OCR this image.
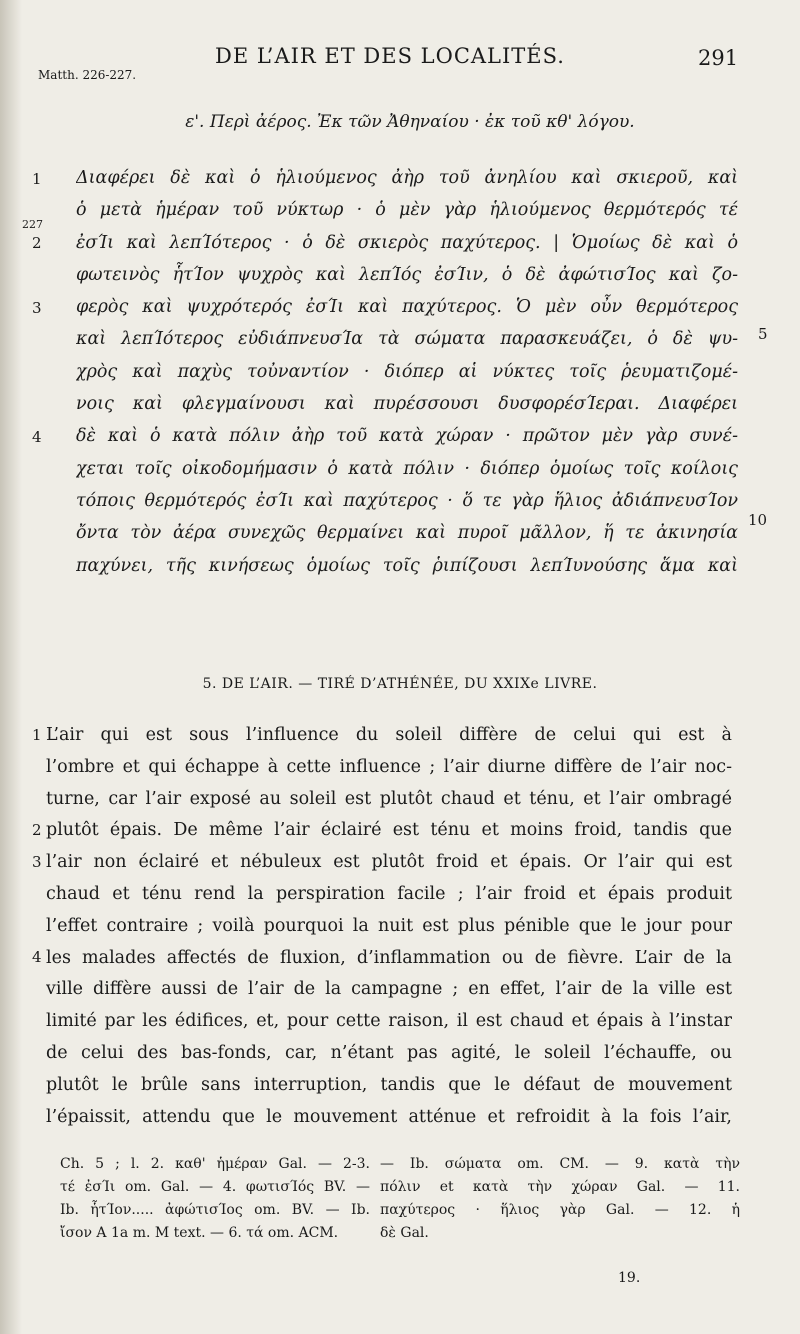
DE L’AIR ET DES LOCALITÉS.	291
Matth. 226-227.
ε'. Περὶ ἀέρος. Ἐκ τῶν Ἀθηναίου · ἐκ τοῦ κθ' λόγου.
1
227
2
3
4
5
10
Διαφέρει δὲ καὶ ὁ ἡλιούμενος ἀὴρ τοῦ ἀνηλίου καὶ σκιεροῦ, καὶ
ὁ μετὰ ἡμέραν τοῦ νύκτωρ · ὁ μὲν γὰρ ἡλιούμενος θερμότερός τέ
ἐσΊι καὶ λεπΊότερος · ὁ δὲ σκιερὸς παχύτερος. | Ὁμοίως δὲ καὶ ὁ
φωτεινὸς ἧτΊον ψυχρὸς καὶ λεπΊός ἐσΊιν, ὁ δὲ ἀφώτισΊος καὶ ζο-
φερὸς καὶ ψυχρότερός ἐσΊι καὶ παχύτερος. Ὁ μὲν οὖν θερμότερος
καὶ λεπΊότερος εὐδιάπνευσΊα τὰ σώματα παρασκευάζει, ὁ δὲ ψυ-
χρὸς καὶ παχὺς τοὐναντίον · διόπερ αἱ νύκτες τοῖς ῥευματιζομέ-
νοις καὶ φλεγμαίνουσι καὶ πυρέσσουσι δυσφορέσΊεραι. Διαφέρει
δὲ καὶ ὁ κατὰ πόλιν ἀὴρ τοῦ κατὰ χώραν · πρῶτον μὲν γὰρ συνέ-
χεται τοῖς οἰκοδομήμασιν ὁ κατὰ πόλιν · διόπερ ὁμοίως τοῖς κοίλοις
τόποις θερμότερός ἐσΊι καὶ παχύτερος · ὅ τε γὰρ ἥλιος ἀδιάπνευσΊον
ὄντα τὸν ἀέρα συνεχῶς θερμαίνει καὶ πυροῖ μᾶλλον, ἥ τε ἀκινησία
παχύνει, τῆς κινήσεως ὁμοίως τοῖς ῥιπίζουσι λεπΊυνούσης ἅμα καὶ
5. DE L’AIR. — TIRÉ D’ATHÉNÉE, DU XXIXe LIVRE.
1
2
3
4
L’air qui est sous l’influence du soleil diffère de celui qui est à
l’ombre et qui échappe à cette influence ; l’air diurne diffère de l’air noc-
turne, car l’air exposé au soleil est plutôt chaud et ténu, et l’air ombragé
plutôt épais. De même l’air éclairé est ténu et moins froid, tandis que
l’air non éclairé et nébuleux est plutôt froid et épais. Or l’air qui est
chaud et ténu rend la perspiration facile ; l’air froid et épais produit
l’effet contraire ; voilà pourquoi la nuit est plus pénible que le jour pour
les malades affectés de fluxion, d’inflammation ou de fièvre. L’air de la
ville diffère aussi de l’air de la campagne ; en effet, l’air de la ville est
limité par les édifices, et, pour cette raison, il est chaud et épais à l’instar
de celui des bas-fonds, car, n’étant pas agité, le soleil l’échauffe, ou
plutôt le brûle sans interruption, tandis que le défaut de mouvement
l’épaissit, attendu que le mouvement atténue et refroidit à la fois l’air,
Ch. 5 ; l. 2. καθ' ἡμέραν Gal. — 2-3.
τέ ἐσΊι om. Gal. — 4. φωτισΊός BV. —
Ib. ἧτΊον..... ἀφώτισΊος om. BV. — Ib.
ἴσον A 1a m. M text. — 6. τά om. ACM.
— Ib. σώματα om. CM. — 9. κατὰ τὴν
πόλιν et κατὰ τὴν χώραν Gal. — 11.
παχύτερος · ἥλιος γὰρ Gal. — 12. ἡ
δὲ Gal.
19.
